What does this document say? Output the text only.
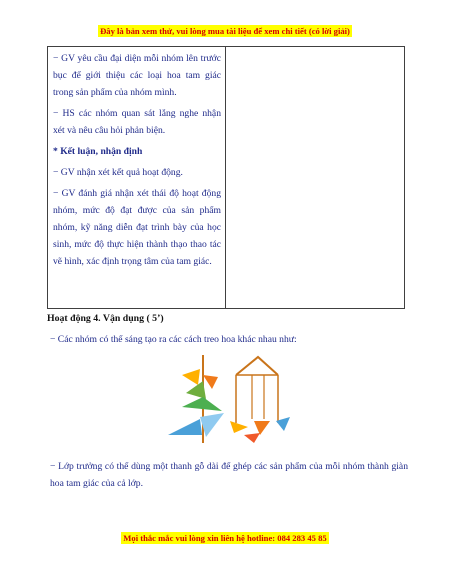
Đây là bản xem thử, vui lòng mua tài liệu để xem chi tiết (có lời giải)

− GV yêu cầu đại diện mỗi nhóm lên trước bục để giới thiệu các loại hoa tam giác trong sản phẩm của nhóm mình.

− HS các nhóm quan sát lắng nghe nhận xét và nêu câu hỏi phản biện.

* Kết luận, nhận định

− GV nhận xét kết quả hoạt động.

− GV đánh giá nhận xét thái độ hoạt động nhóm, mức độ đạt được của sản phẩm nhóm, kỹ năng diễn đạt trình bày của học sinh, mức độ thực hiện thành thạo thao tác vẽ hình, xác định trọng tâm của tam giác.

Hoạt động 4. Vận dụng ( 5’)
− Các nhóm có thể sáng tạo ra các cách treo hoa khác nhau như:
− Lớp trưởng có thể dùng một thanh gỗ dài để ghép các sản phẩm của mỗi nhóm thành giàn hoa tam giác của cả lớp.
Mọi thắc mắc vui lòng xin liên hệ hotline: 084 283 45 85
